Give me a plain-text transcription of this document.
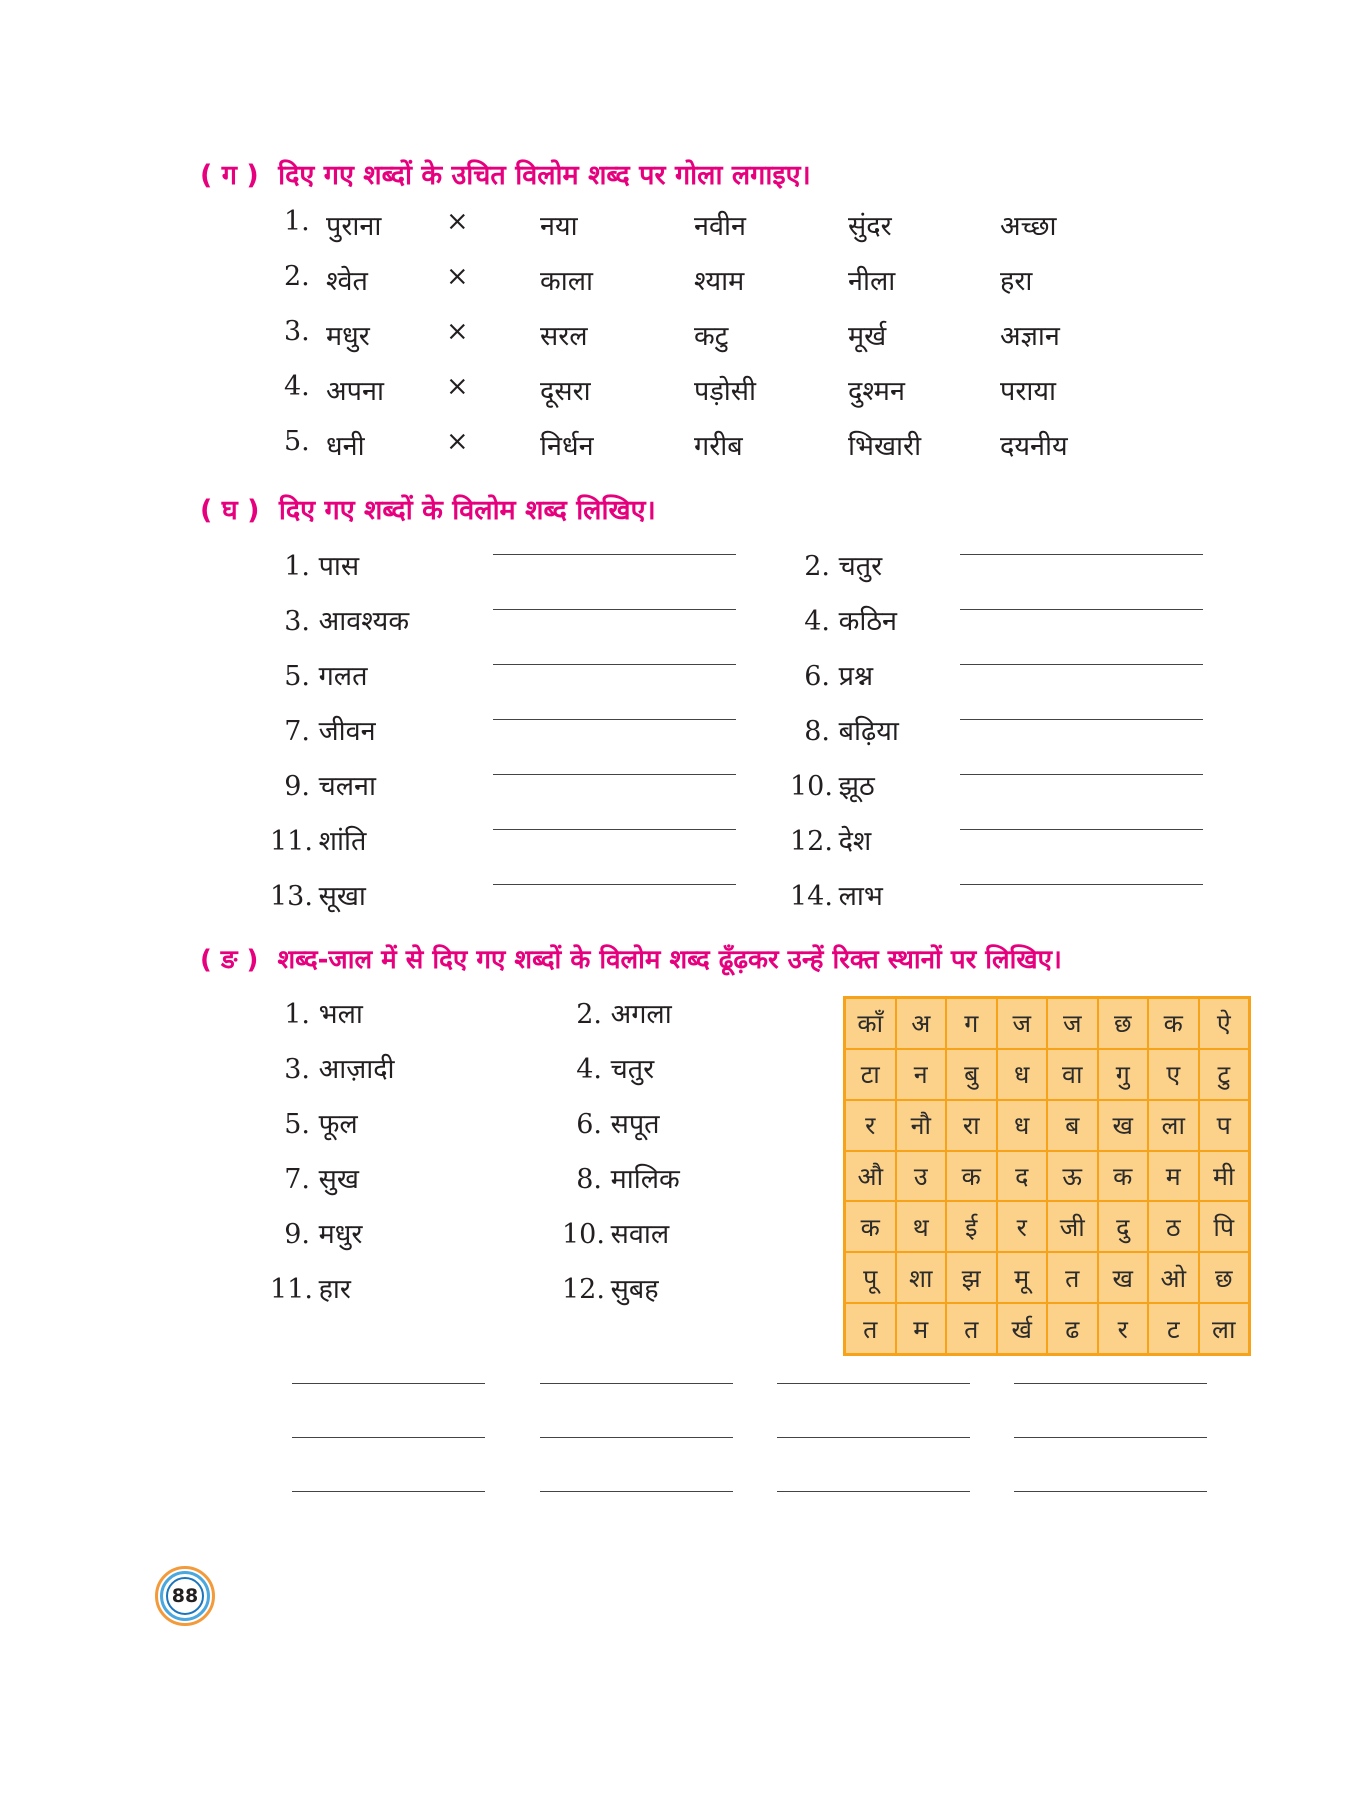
( ग ) दिए गए शब्दों के उचित विलोम शब्द पर गोला लगाइए।
1. पुराना ×	नया	नवीन	सुंदर	अच्छा
2. श्वेत	×	काला	श्याम	नीला	हरा
3. मधुर	×	सरल	कटु	मूर्ख	अज्ञान
4. अपना ×	दूसरा	पड़ोसी	दुश्मन	पराया
5. धनी	×	निर्धन	गरीब	भिखारी	दयनीय
( घ ) दिए गए शब्दों के विलोम शब्द लिखिए।
1. पास
3. आवश्यक
5. गलत
7. जीवन
9. चलना
11. शांति
13. सूखा
2. चतुर
4. कठिन
6. प्रश्न
8. बढ़िया
10. झूठ
12. देश
14. लाभ
( ङ ) शब्द-जाल में से दिए गए शब्दों के विलोम शब्द ढूँढ़कर उन्हें रिक्त स्थानों पर लिखिए।
1. भला	2. अगला
3. आज़ादी	4. चतुर
5. फूल	6. सपूत
7. सुख	8. मालिक
9. मधुर	10. सवाल
11. हार	12. सुबह
काँ	अ	ग	ज	ज	छ	क	ऐ
टा	न	बु	ध	वा	गु	ए	टु
र	नौ	रा	ध	ब	ख	ला	प
औ	उ	क	द	ऊ	क	म	मी
क	थ	ई	र	जी	दु	ठ	पि
पू	शा	झ	मू	त	ख	ओ	छ
त	म	त	र्ख	ढ	र	ट	ला
88
